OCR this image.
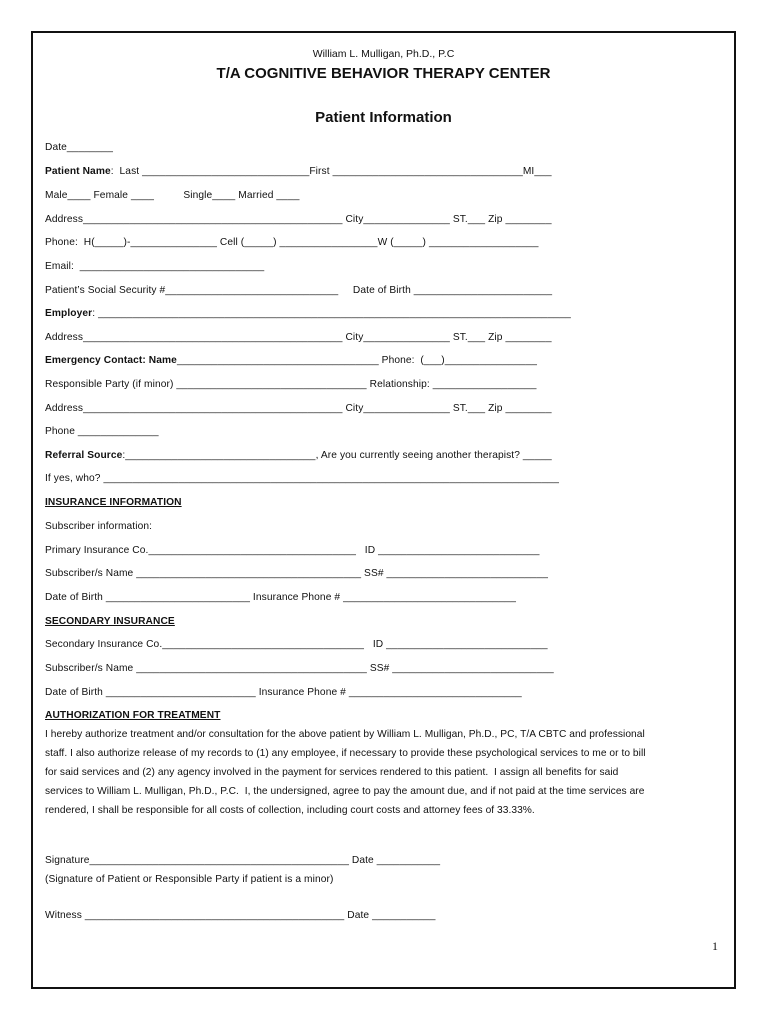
William L. Mulligan, Ph.D., P.C
T/A COGNITIVE BEHAVIOR THERAPY CENTER
Patient Information
Date________
Patient Name:  Last _____________________________First _________________________________MI___
Male____ Female ____          Single____ Married ____
Address_____________________________________________ City_______________ ST.___ Zip ________
Phone:  H(_____)-_______________ Cell (_____) _________________W (_____) ___________________
Email:  ________________________________
Patient’s Social Security #______________________________     Date of Birth ________________________
Employer: __________________________________________________________________________________
Address_____________________________________________ City_______________ ST.___ Zip ________
Emergency Contact: Name___________________________________ Phone:  (___)________________
Responsible Party (if minor) _________________________________ Relationship: __________________
Address_____________________________________________ City_______________ ST.___ Zip ________
Phone ______________
Referral Source:_________________________________, Are you currently seeing another therapist? _____
If yes, who? _______________________________________________________________________________
INSURANCE INFORMATION
Subscriber information:
Primary Insurance Co.____________________________________   ID ____________________________
Subscriber/s Name _______________________________________ SS# ____________________________
Date of Birth _________________________ Insurance Phone # ______________________________
SECONDARY INSURANCE
Secondary Insurance Co.___________________________________   ID ____________________________
Subscriber/s Name ________________________________________ SS# ____________________________
Date of Birth __________________________ Insurance Phone # ______________________________
AUTHORIZATION FOR TREATMENT
I hereby authorize treatment and/or consultation for the above patient by William L. Mulligan, Ph.D., PC, T/A CBTC and professional
staff. I also authorize release of my records to (1) any employee, if necessary to provide these psychological services to me or to bill
for said services and (2) any agency involved in the payment for services rendered to this patient.  I assign all benefits for said
services to William L. Mulligan, Ph.D., P.C.  I, the undersigned, agree to pay the amount due, and if not paid at the time services are
rendered, I shall be responsible for all costs of collection, including court costs and attorney fees of 33.33%.
Signature_____________________________________________ Date ___________
(Signature of Patient or Responsible Party if patient is a minor)
Witness _____________________________________________ Date ___________
1
